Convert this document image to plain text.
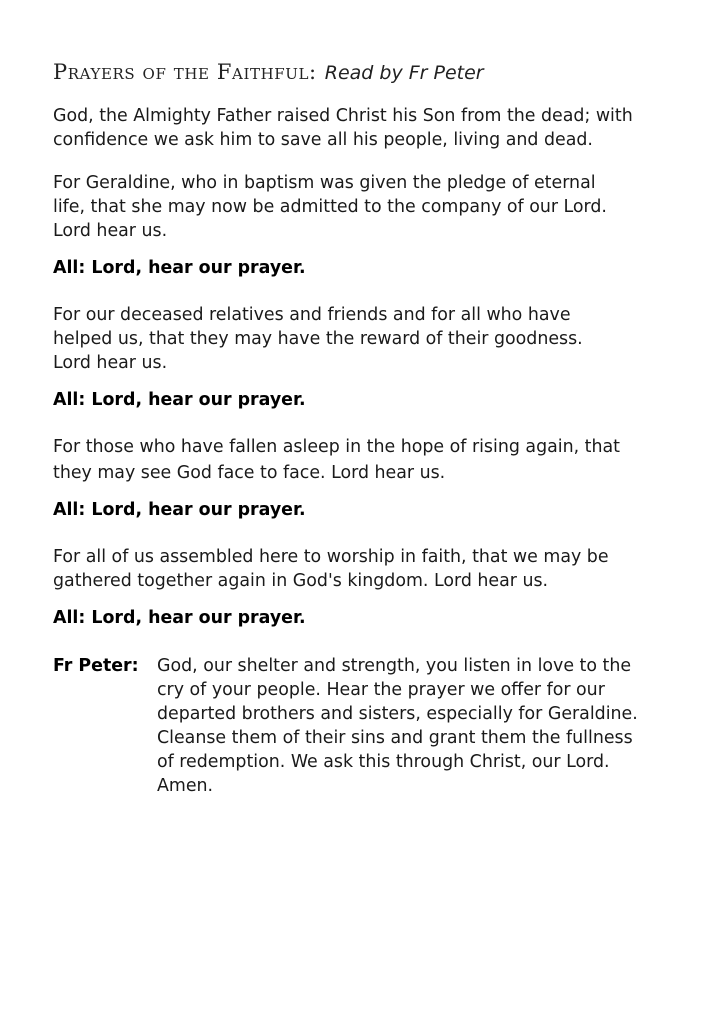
Prayers of the Faithful: Read by Fr Peter
God, the Almighty Father raised Christ his Son from the dead; with
confidence we ask him to save all his people, living and dead.
For Geraldine, who in baptism was given the pledge of eternal
life, that she may now be admitted to the company of our Lord.
Lord hear us.
All: Lord, hear our prayer.
For our deceased relatives and friends and for all who have
helped us, that they may have the reward of their goodness.
Lord hear us.
All: Lord, hear our prayer.
For those who have fallen asleep in the hope of rising again, that
they may see God face to face. Lord hear us.
All: Lord, hear our prayer.
For all of us assembled here to worship in faith, that we may be
gathered together again in God's kingdom. Lord hear us.
All: Lord, hear our prayer.
Fr Peter: God, our shelter and strength, you listen in love to the
cry of your people. Hear the prayer we offer for our
departed brothers and sisters, especially for Geraldine.
Cleanse them of their sins and grant them the fullness
of redemption. We ask this through Christ, our Lord.
Amen.
